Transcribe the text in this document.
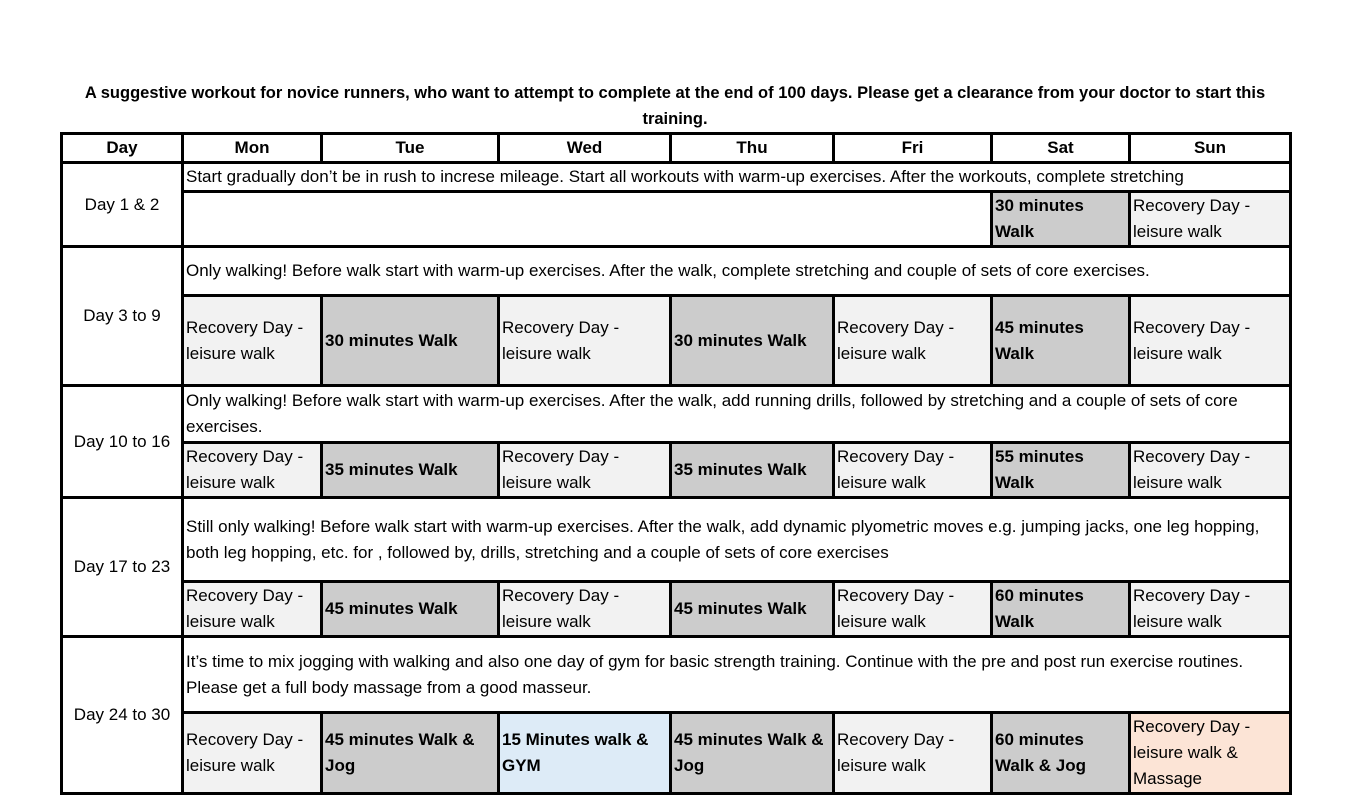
A suggestive workout for novice runners, who want to attempt to complete at the end of 100 days. Please get a clearance from your doctor to start this training.
Day	Mon	Tue	Wed	Thu	Fri	Sat	Sun
Day 1 & 2	Start gradually don’t be in rush to increse mileage. Start all workouts with warm-up exercises. After the workouts, complete stretching						
						30 minutes Walk	Recovery Day - leisure walk
Day 3 to 9	Only walking! Before walk start with warm-up exercises. After the walk, complete stretching and couple of sets of core exercises.						
	Recovery Day - leisure walk	30 minutes Walk	Recovery Day - leisure walk	30 minutes Walk	Recovery Day - leisure walk	45 minutes Walk	Recovery Day - leisure walk
Day 10 to 16	Only walking! Before walk start with warm-up exercises. After the walk, add running drills, followed by stretching and a couple of sets of core exercises.						
	Recovery Day - leisure walk	35 minutes Walk	Recovery Day - leisure walk	35 minutes Walk	Recovery Day - leisure walk	55 minutes Walk	Recovery Day - leisure walk
Day 17 to 23	Still only walking! Before walk start with warm-up exercises. After the walk, add dynamic plyometric moves e.g. jumping jacks, one leg hopping, both leg hopping, etc. for , followed by, drills, stretching and a couple of sets of core exercises						
	Recovery Day - leisure walk	45 minutes Walk	Recovery Day - leisure walk	45 minutes Walk	Recovery Day - leisure walk	60 minutes Walk	Recovery Day - leisure walk
Day 24 to 30	It’s time to mix jogging with walking and also one day of gym for basic strength training. Continue with the pre and post run exercise routines. Please get a full body massage from a good masseur.						
	Recovery Day - leisure walk	45 minutes Walk & Jog	15 Minutes walk & GYM	45 minutes Walk & Jog	Recovery Day - leisure walk	60 minutes Walk & Jog	Recovery Day - leisure walk & Massage
